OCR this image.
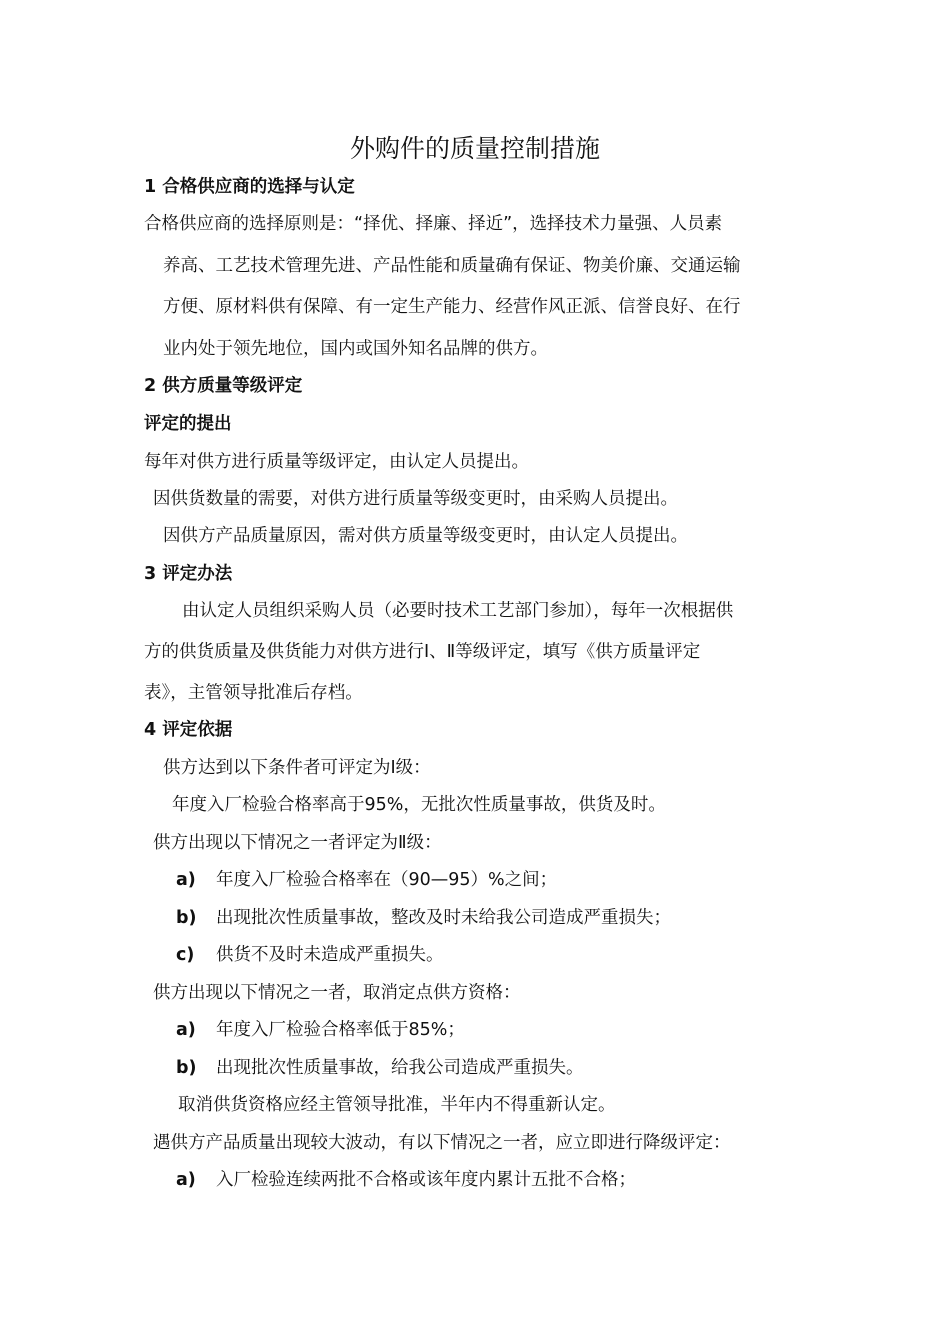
外购件的质量控制措施
1 合格供应商的选择与认定
合格供应商的选择原则是：“择优、择廉、择近”，选择技术力量强、人员素
养高、工艺技术管理先进、产品性能和质量确有保证、物美价廉、交通运输
方便、原材料供有保障、有一定生产能力、经营作风正派、信誉良好、在行
业内处于领先地位，国内或国外知名品牌的供方。
2 供方质量等级评定
评定的提出
每年对供方进行质量等级评定，由认定人员提出。
因供货数量的需要，对供方进行质量等级变更时，由采购人员提出。
因供方产品质量原因，需对供方质量等级变更时，由认定人员提出。
3 评定办法
由认定人员组织采购人员（必要时技术工艺部门参加），每年一次根据供
方的供货质量及供货能力对供方进行Ⅰ、Ⅱ等级评定，填写《供方质量评定
表》，主管领导批准后存档。
4 评定依据
供方达到以下条件者可评定为Ⅰ级：
年度入厂检验合格率高于95%，无批次性质量事故，供货及时。
供方出现以下情况之一者评定为Ⅱ级：
a) 年度入厂检验合格率在（90—95）%之间；
b) 出现批次性质量事故，整改及时未给我公司造成严重损失；
c) 供货不及时未造成严重损失。
供方出现以下情况之一者，取消定点供方资格：
a) 年度入厂检验合格率低于85%；
b) 出现批次性质量事故，给我公司造成严重损失。
取消供货资格应经主管领导批准，半年内不得重新认定。
遇供方产品质量出现较大波动，有以下情况之一者，应立即进行降级评定：
a) 入厂检验连续两批不合格或该年度内累计五批不合格；
